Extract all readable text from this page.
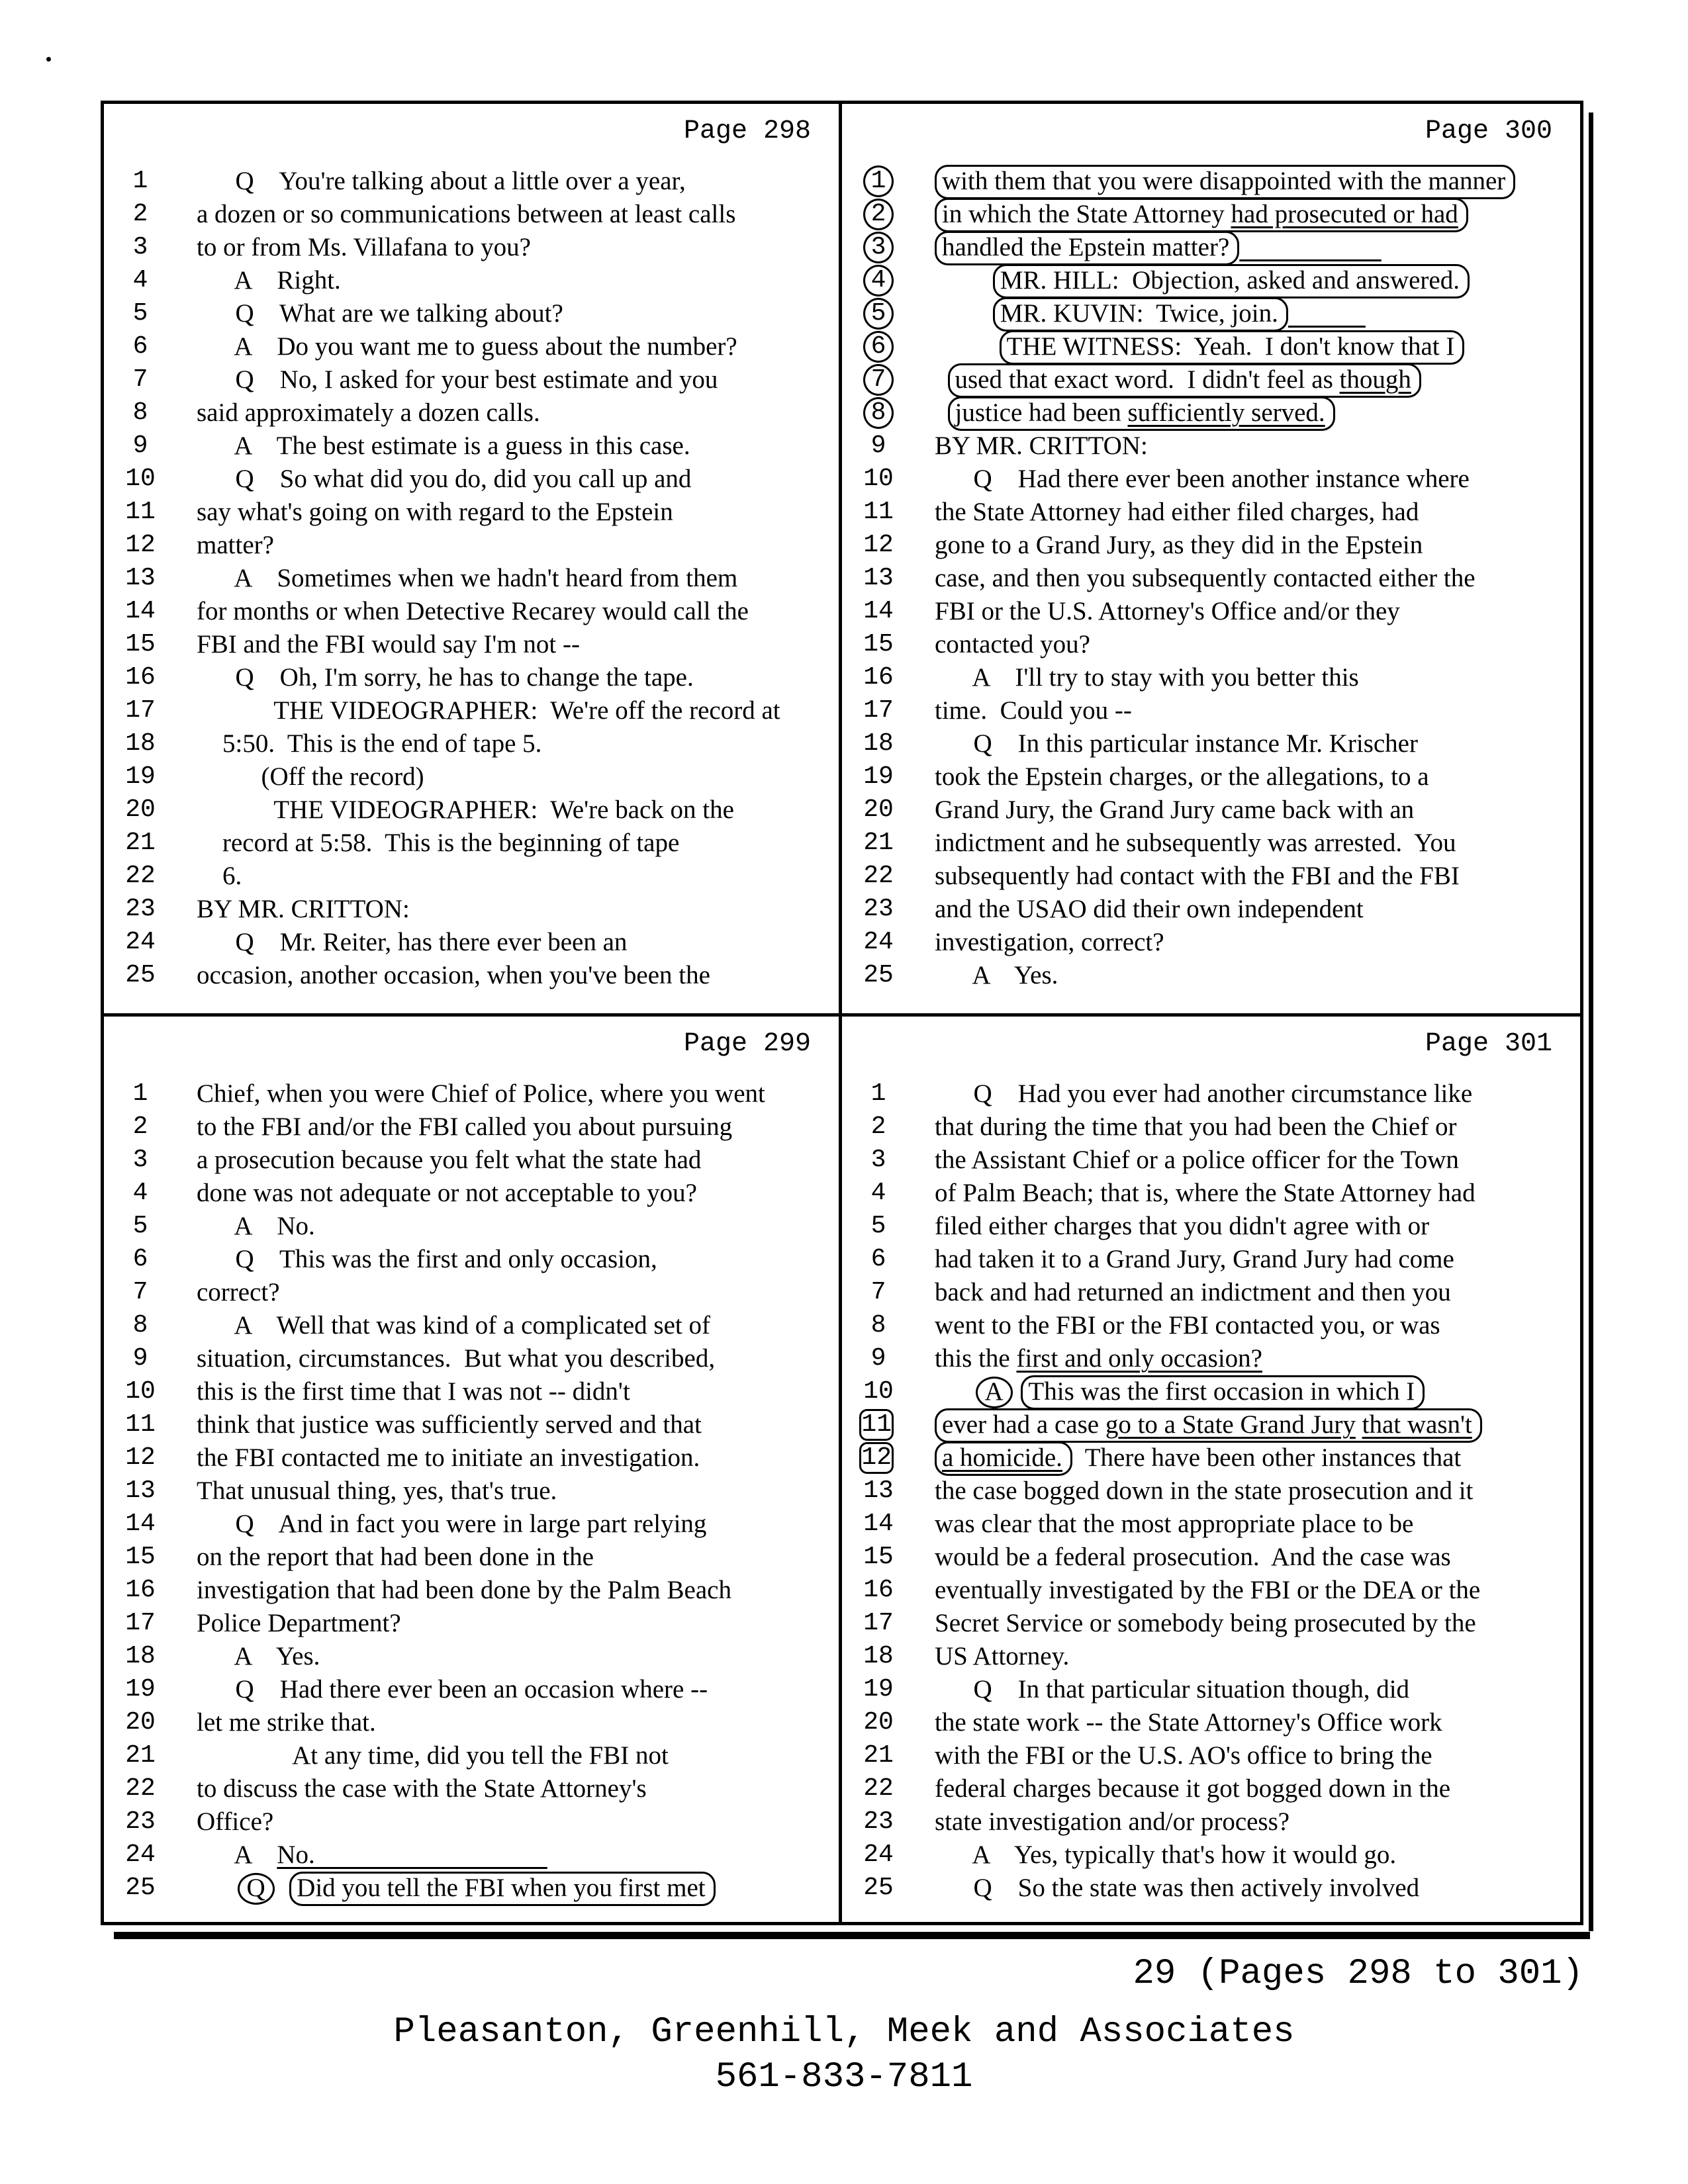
Page 298
1 Q    You're talking about a little over a year,
2 a dozen or so communications between at least calls
3 to or from Ms. Villafana to you?
4 A    Right.
5 Q    What are we talking about?
6 A    Do you want me to guess about the number?
7 Q    No, I asked for your best estimate and you
8 said approximately a dozen calls.
9 A    The best estimate is a guess in this case.
10 Q    So what did you do, did you call up and
11 say what's going on with regard to the Epstein
12 matter?
13 A    Sometimes when we hadn't heard from them
14 for months or when Detective Recarey would call the
15 FBI and the FBI would say I'm not --
16 Q    Oh, I'm sorry, he has to change the tape.
17 THE VIDEOGRAPHER:  We're off the record at
18 5:50.  This is the end of tape 5.
19 (Off the record)
20 THE VIDEOGRAPHER:  We're back on the
21 record at 5:58.  This is the beginning of tape
22 6.
23 BY MR. CRITTON:
24 Q    Mr. Reiter, has there ever been an
25 occasion, another occasion, when you've been the
Page 300
1 with them that you were disappointed with the manner
2 in which the State Attorney had prosecuted or had
3 handled the Epstein matter?
4	MR. HILL:  Objection, asked and answered.
5	MR. KUVIN:  Twice, join.
6	THE WITNESS:  Yeah.  I don't know that I
7	used that exact word.  I didn't feel as though
8	justice had been sufficiently served.
9 BY MR. CRITTON:
10 Q    Had there ever been another instance where
11 the State Attorney had either filed charges, had
12 gone to a Grand Jury, as they did in the Epstein
13 case, and then you subsequently contacted either the
14 FBI or the U.S. Attorney's Office and/or they
15 contacted you?
16 A    I'll try to stay with you better this
17 time.  Could you --
18 Q    In this particular instance Mr. Krischer
19 took the Epstein charges, or the allegations, to a
20 Grand Jury, the Grand Jury came back with an
21 indictment and he subsequently was arrested.  You
22 subsequently had contact with the FBI and the FBI
23 and the USAO did their own independent
24 investigation, correct?
25 A    Yes.
Page 299
1 Chief, when you were Chief of Police, where you went
2 to the FBI and/or the FBI called you about pursuing
3 a prosecution because you felt what the state had
4 done was not adequate or not acceptable to you?
5 A    No.
6 Q    This was the first and only occasion,
7 correct?
8 A    Well that was kind of a complicated set of
9 situation, circumstances.  But what you described,
10 this is the first time that I was not -- didn't
11 think that justice was sufficiently served and that
12 the FBI contacted me to initiate an investigation.
13 That unusual thing, yes, that's true.
14 Q    And in fact you were in large part relying
15 on the report that had been done in the
16 investigation that had been done by the Palm Beach
17 Police Department?
18 A    Yes.
19 Q    Had there ever been an occasion where --
20 let me strike that.
21 At any time, did you tell the FBI not
22 to discuss the case with the State Attorney's
23 Office?
24 A    No.
25	Q Did you tell the FBI when you first met
Page 301
1 Q    Had you ever had another circumstance like
2 that during the time that you had been the Chief or
3 the Assistant Chief or a police officer for the Town
4 of Palm Beach; that is, where the State Attorney had
5 filed either charges that you didn't agree with or
6 had taken it to a Grand Jury, Grand Jury had come
7 back and had returned an indictment and then you
8 went to the FBI or the FBI contacted you, or was
9 this the first and only occasion?
10	A This was the first occasion in which I
11 ever had a case go to a State Grand Jury that wasn't
12 a homicide.  There have been other instances that
13 the case bogged down in the state prosecution and it
14 was clear that the most appropriate place to be
15 would be a federal prosecution.  And the case was
16 eventually investigated by the FBI or the DEA or the
17 Secret Service or somebody being prosecuted by the
18 US Attorney.
19 Q    In that particular situation though, did
20 the state work -- the State Attorney's Office work
21 with the FBI or the U.S. AO's office to bring the
22 federal charges because it got bogged down in the
23 state investigation and/or process?
24 A    Yes, typically that's how it would go.
25 Q    So the state was then actively involved
29 (Pages 298 to 301)
Pleasanton, Greenhill, Meek and Associates
561-833-7811
